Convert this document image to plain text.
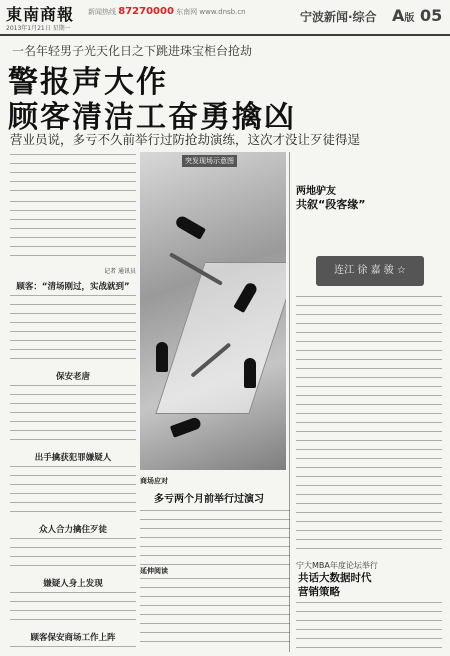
東南商報 新闻热线 87270000 东南网 www.dnsb.cn
2013年1月21日 星期一
宁波新闻·综合 A版 05
一名年轻男子光天化日之下跳进珠宝柜台抢劫
警报声大作
顾客清洁工奋勇擒凶
营业员说，多亏不久前举行过防抢劫演练，这次才没让歹徒得逞
记者 通讯员
顾客：“清场刚过，实战就到”
保安老唐
出手擒获犯罪嫌疑人
众人合力擒住歹徒
嫌疑人身上发现
顾客保安商场工作上阵
突发现场示意图
两地驴友
共叙“段客缘”
连江 徐 嘉 骏 ☆
宁大MBA年度论坛举行
共话大数据时代
营销策略
商场应对
多亏两个月前举行过演习
延伸阅读
